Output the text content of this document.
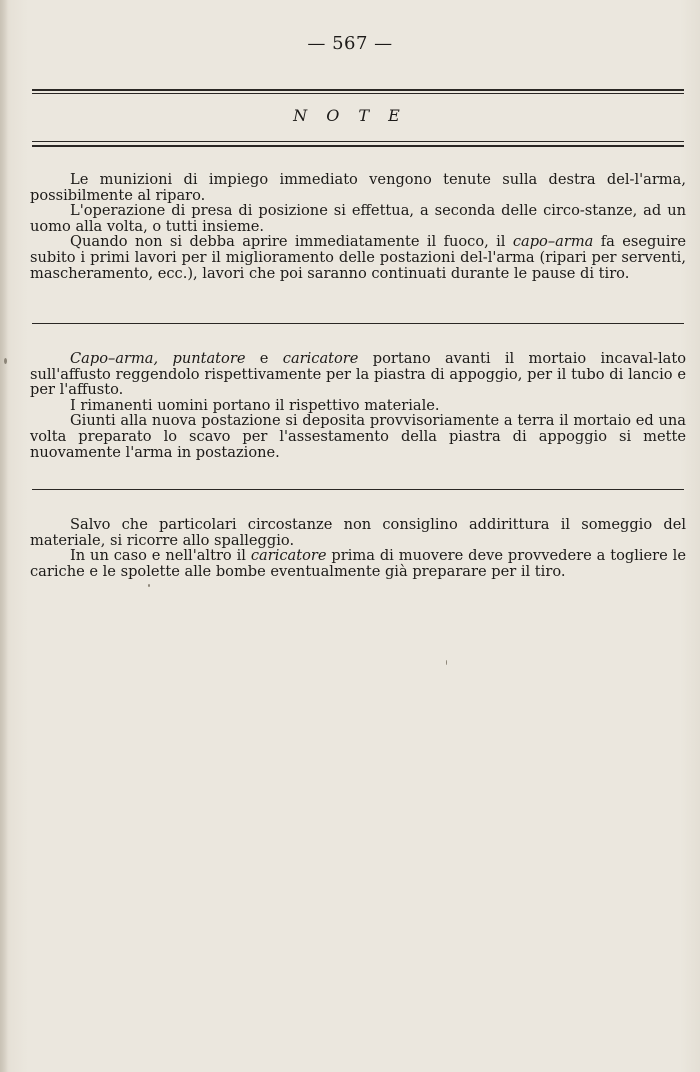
— 567 —
N O T E

Le munizioni di impiego immediato vengono tenute sulla destra del-l'arma, possibilmente al riparo.

L'operazione di presa di posizione si effettua, a seconda delle circo-stanze, ad un uomo alla volta, o tutti insieme.

Quando non si debba aprire immediatamente il fuoco, il capo–arma fa eseguire subito i primi lavori per il miglioramento delle postazioni del-l'arma (ripari per serventi, mascheramento, ecc.), lavori che poi saranno continuati durante le pause di tiro.

Capo–arma, puntatore e caricatore portano avanti il mortaio incaval-lato sull'affusto reggendolo rispettivamente per la piastra di appoggio, per il tubo di lancio e per l'affusto.

I rimanenti uomini portano il rispettivo materiale.

Giunti alla nuova postazione si deposita provvisoriamente a terra il mortaio ed una volta preparato lo scavo per l'assestamento della piastra di appoggio si mette nuovamente l'arma in postazione.

Salvo che particolari circostanze non consiglino addirittura il someggio del materiale, si ricorre allo spalleggio.

In un caso e nell'altro il caricatore prima di muovere deve provvedere a togliere le cariche e le spolette alle bombe eventualmente già preparare per il tiro.
